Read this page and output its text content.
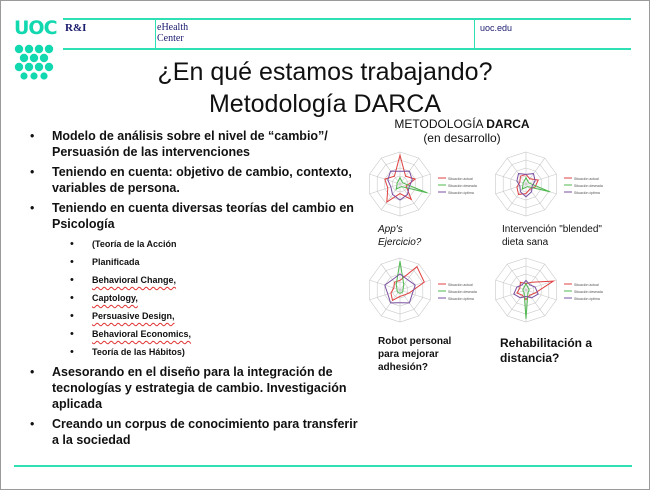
UOC R&I	eHealth
Center
uoc.edu
¿En qué estamos trabajando?
Metodología DARCA
• Modelo de análisis sobre el nivel de “cambio”/ Persuasión de las intervenciones
• Teniendo en cuenta: objetivo de cambio, contexto, variables de persona.
• Teniendo en cuenta diversas teorías del cambio en Psicología
• (Teoría de la Acción
• Planificada
• Behavioral Change,
• Captology,
• Persuasive Design,
• Behavioral Economics,
• Teoría de las Hábitos)
• Asesorando en el diseño para la integración de tecnologías y estrategia de cambio. Investigación aplicada
• Creando un corpus de conocimiento para transferir a la sociedad
METODOLOGÍA DARCA
(en desarrollo)
Situación actual
Situación deseada
Situación óptima
Situación actual
Situación deseada
Situación óptima
Situación actual
Situación deseada
Situación óptima
Situación actual
Situación deseada
Situación óptima
App's
Ejercicio?
Intervención "blended"
dieta sana
Robot personal
para mejorar
adhesión?
Rehabilitación a
distancia?
